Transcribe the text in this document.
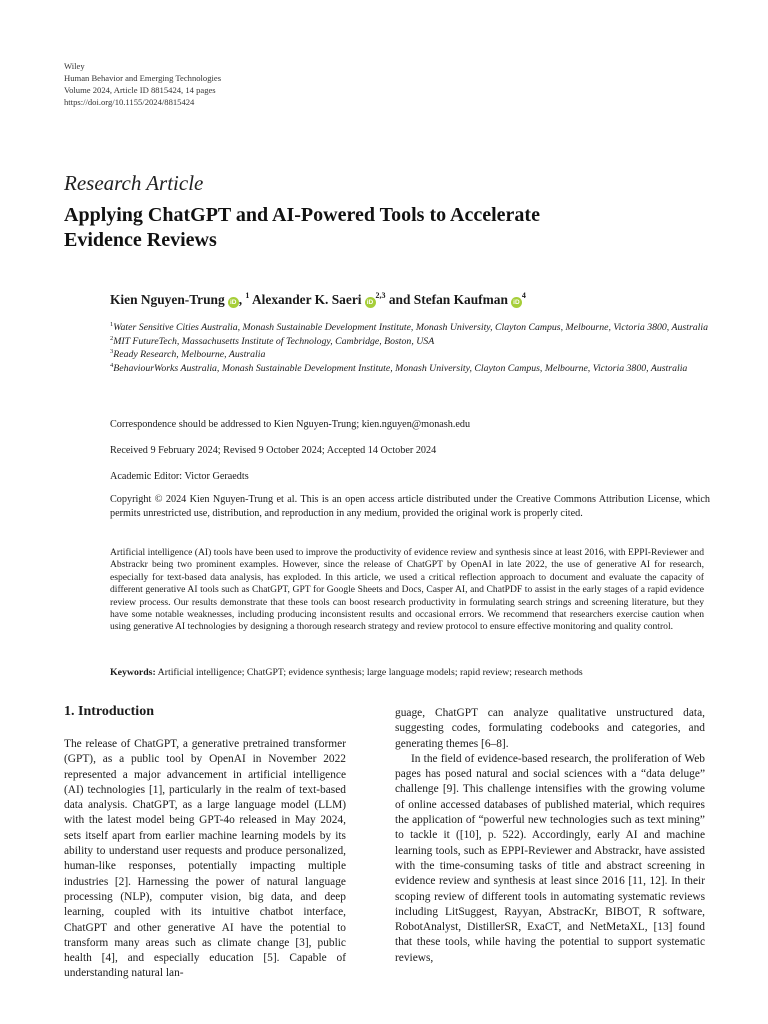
Wiley
Human Behavior and Emerging Technologies
Volume 2024, Article ID 8815424, 14 pages
https://doi.org/10.1155/2024/8815424
Research Article
Applying ChatGPT and AI-Powered Tools to Accelerate
Evidence Reviews
Kien Nguyen-Trung iD , $^1$ Alexander K. Saeri iD$^{2,3}$ and Stefan Kaufman $iD^4$
$^1$Water Sensitive Cities Australia, Monash Sustainable Development Institute, Monash University, Clayton Campus, Melbourne, Victoria 3800, Australia
$^2$MIT FutureTech, Massachusetts Institute of Technology, Cambridge, Boston, USA
$^3$Ready Research, Melbourne, Australia
$^4$BehaviourWorks Australia, Monash Sustainable Development Institute, Monash University, Clayton Campus, Melbourne, Victoria 3800, Australia
Correspondence should be addressed to Kien Nguyen-Trung; kien.nguyen@monash.edu
Received 9 February 2024; Revised 9 October 2024; Accepted 14 October 2024
Academic Editor: Victor Geraedts
Copyright © 2024 Kien Nguyen-Trung et al. This is an open access article distributed under the Creative Commons Attribution License, which permits unrestricted use, distribution, and reproduction in any medium, provided the original work is properly cited.
Artificial intelligence (AI) tools have been used to improve the productivity of evidence review and synthesis since at least 2016, with EPPI-Reviewer and Abstrackr being two prominent examples. However, since the release of ChatGPT by OpenAI in late 2022, the use of generative AI for research, especially for text-based data analysis, has exploded. In this article, we used a critical reflection approach to document and evaluate the capacity of different generative AI tools such as ChatGPT, GPT for Google Sheets and Docs, Casper AI, and ChatPDF to assist in the early stages of a rapid evidence review process. Our results demonstrate that these tools can boost research productivity in formulating search strings and screening literature, but they have some notable weaknesses, including producing inconsistent results and occasional errors. We recommend that researchers exercise caution when using generative AI technologies by designing a thorough research strategy and review protocol to ensure effective monitoring and quality control.
Keywords: Artificial intelligence; ChatGPT; evidence synthesis; large language models; rapid review; research methods
1. Introduction

The release of ChatGPT, a generative pretrained transformer (GPT), as a public tool by OpenAI in November 2022 represented a major advancement in artificial intelligence (AI) technologies [1], particularly in the realm of text-based data analysis. ChatGPT, as a large language model (LLM) with the latest model being GPT-4o released in May 2024, sets itself apart from earlier machine learning models by its ability to understand user requests and produce personalized, human-like responses, potentially impacting multiple industries [2]. Harnessing the power of natural language processing (NLP), computer vision, big data, and deep learning, coupled with its intuitive chatbot interface, ChatGPT and other generative AI have the potential to transform many areas such as climate change [3], public health [4], and especially education [5]. Capable of understanding natural lan-

guage, ChatGPT can analyze qualitative unstructured data, suggesting codes, formulating codebooks and categories, and generating themes [6–8].

In the field of evidence-based research, the proliferation of Web pages has posed natural and social sciences with a “data deluge” challenge [9]. This challenge intensifies with the growing volume of online accessed databases of published material, which requires the application of “powerful new technologies such as text mining” to tackle it ([10], p. 522). Accordingly, early AI and machine learning tools, such as EPPI-Reviewer and Abstrackr, have assisted with the time-consuming tasks of title and abstract screening in evidence review and synthesis at least since 2016 [11, 12]. In their scoping review of different tools in automating systematic reviews including LitSuggest, Rayyan, AbstracKr, BIBOT, R software, RobotAnalyst, DistillerSR, ExaCT, and NetMetaXL, [13] found that these tools, while having the potential to support systematic reviews,
